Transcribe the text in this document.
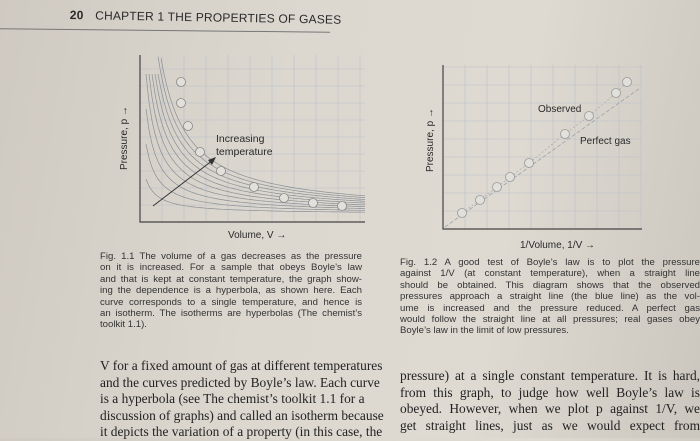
20 CHAPTER 1 THE PROPERTIES OF GASES
Pressure, p →
Volume, V →
Increasing
temperature	Pressure, p →
1/Volume, 1/V →
Observed
Perfect gas
Fig. 1.1 The volume of a gas decreases as the pressure
on it is increased. For a sample that obeys Boyle’s law
and that is kept at constant temperature, the graph show-
ing the dependence is a hyperbola, as shown here. Each
curve corresponds to a single temperature, and hence is
an isotherm. The isotherms are hyperbolas (The chemist’s
toolkit 1.1).
Fig. 1.2 A good test of Boyle’s law is to plot the pressure
against 1/V (at constant temperature), when a straight line
should be obtained. This diagram shows that the observed
pressures approach a straight line (the blue line) as the vol-
ume is increased and the pressure reduced. A perfect gas
would follow the straight line at all pressures; real gases obey
Boyle’s law in the limit of low pressures.
V for a fixed amount of gas at different temperatures
and the curves predicted by Boyle’s law. Each curve
is a hyperbola (see The chemist’s toolkit 1.1 for a
discussion of graphs) and called an isotherm because
it depicts the variation of a property (in this case, the
pressure) at a single constant temperature. It is hard,
from this graph, to judge how well Boyle’s law is
obeyed. However, when we plot p against 1/V, we
get straight lines, just as we would expect from
